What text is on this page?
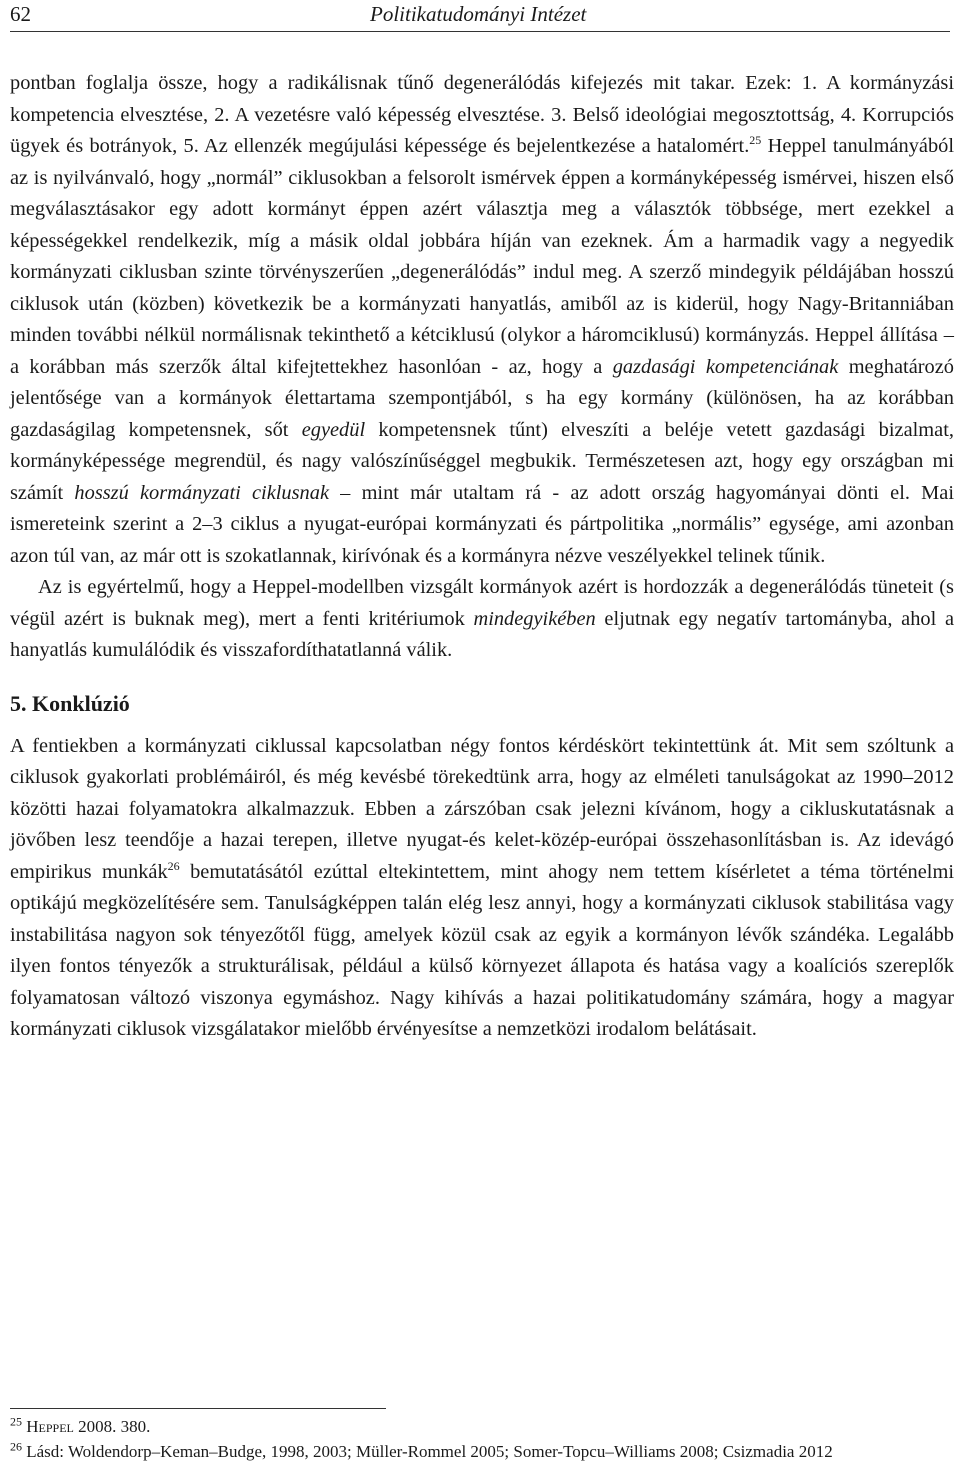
62	Politikatudományi Intézet

pontban foglalja össze, hogy a radikálisnak tűnő degenerálódás kifejezés mit takar. Ezek: 1. A kormányzási kompetencia elvesztése, 2. A vezetésre való képesség elvesztése. 3. Belső ideológiai megosztottság, 4. Korrupciós ügyek és botrányok, 5. Az ellenzék megújulási képessége és bejelentkezése a hatalomért.$^{25}$ Heppel tanulmányából az is nyilvánvaló, hogy „normál” ciklusokban a felsorolt ismérvek éppen a kormányképesség ismérvei, hiszen első megválasztásakor egy adott kormányt éppen azért választja meg a választók többsége, mert ezekkel a képességekkel rendelkezik, míg a másik oldal jobbára híján van ezeknek. Ám a harmadik vagy a negyedik kormányzati ciklusban szinte törvényszerűen „degenerálódás” indul meg. A szerző mindegyik példájában hosszú ciklusok után (közben) következik be a kormányzati hanyatlás, amiből az is kiderül, hogy Nagy-Britanniában minden további nélkül normálisnak tekinthető a kétciklusú (olykor a háromciklusú) kormányzás. Heppel állítása – a korábban más szerzők által kifejtettekhez hasonlóan - az, hogy a gazdasági kompetenciának meghatározó jelentősége van a kormányok élettartama szempontjából, s ha egy kormány (különösen, ha az korábban gazdaságilag kompetensnek, sőt egyedül kompetensnek tűnt) elveszíti a beléje vetett gazdasági bizalmat, kormányképessége megrendül, és nagy valószínűséggel megbukik. Természetesen azt, hogy egy országban mi számít hosszú kormányzati ciklusnak – mint már utaltam rá - az adott ország hagyományai dönti el. Mai ismereteink szerint a 2–3 ciklus a nyugat-európai kormányzati és pártpolitika „normális” egysége, ami azonban azon túl van, az már ott is szokatlannak, kirívónak és a kormányra nézve veszélyekkel telinek tűnik.

Az is egyértelmű, hogy a Heppel-modellben vizsgált kormányok azért is hordozzák a degenerálódás tüneteit (s végül azért is buknak meg), mert a fenti kritériumok mindegyikében eljutnak egy negatív tartományba, ahol a hanyatlás kumulálódik és visszafordíthatatlanná válik.

5. Konklúzió

A fentiekben a kormányzati ciklussal kapcsolatban négy fontos kérdéskört tekintettünk át. Mit sem szóltunk a ciklusok gyakorlati problémáiról, és még kevésbé törekedtünk arra, hogy az elméleti tanulságokat az 1990–2012 közötti hazai folyamatokra alkalmazzuk. Ebben a zárszóban csak jelezni kívánom, hogy a cikluskutatásnak a jövőben lesz teendője a hazai terepen, illetve nyugat-és kelet-közép-európai összehasonlításban is. Az idevágó empirikus munkák$^{26}$ bemutatásától ezúttal eltekintettem, mint ahogy nem tettem kísérletet a téma történelmi optikájú megközelítésére sem. Tanulságképpen talán elég lesz annyi, hogy a kormányzati ciklusok stabilitása vagy instabilitása nagyon sok tényezőtől függ, amelyek közül csak az egyik a kormányon lévők szándéka. Legalább ilyen fontos tényezők a strukturálisak, például a külső környezet állapota és hatása vagy a koalíciós szereplők folyamatosan változó viszonya egymáshoz. Nagy kihívás a hazai politikatudomány számára, hogy a magyar kormányzati ciklusok vizsgálatakor mielőbb érvényesítse a nemzetközi irodalom belátásait.

$^{25}$ Heppel 2008. 380.

$^{26}$ Lásd: Woldendorp–Keman–Budge, 1998, 2003; Müller-Rommel 2005; Somer-Topcu–Williams 2008; Csizmadia 2012
